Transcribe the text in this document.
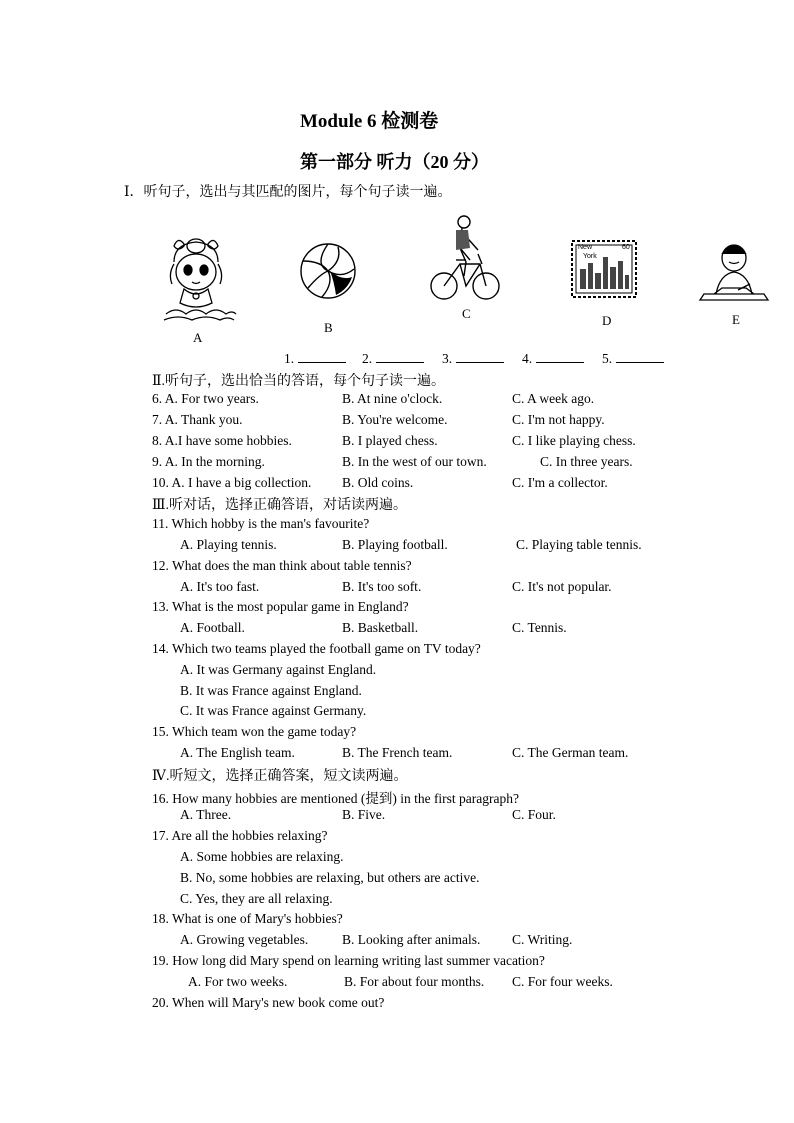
Module 6 检测卷
第一部分 听力（20 分）
Ⅰ．听句子，选出与其匹配的图片，每个句子读一遍。
A
B
C
New
York
60
D	E
1.	2.	3.	4.	5.
Ⅱ.听句子，选出恰当的答语，每个句子读一遍。
6. A. For two years.	B. At nine o'clock.	C. A week ago.
7. A. Thank you.	B. You're welcome.	C. I'm not happy.
8. A.I have some hobbies.	B. I played chess.	C. I like playing chess.
9. A. In the morning.	B. In the west of our town.	C. In three years.
10. A. I have a big collection. B. Old coins.	C. I'm a collector.
Ⅲ.听对话，选择正确答语，对话读两遍。
11. Which hobby is the man's favourite?
A. Playing tennis.	B. Playing football.	C. Playing table tennis.
12. What does the man think about table tennis?
A. It's too fast.	B. It's too soft.	C. It's not popular.
13. What is the most popular game in England?
A. Football.	B. Basketball.	C. Tennis.
14. Which two teams played the football game on TV today?
A. It was Germany against England.
B. It was France against England.
C. It was France against Germany.
15. Which team won the game today?
A. The English team.	B. The French team.	C. The German team.
Ⅳ.听短文，选择正确答案，短文读两遍。
16. How many hobbies are mentioned (提到) in the first paragraph?
A. Three.	B. Five.	C. Four.
17. Are all the hobbies relaxing?
A. Some hobbies are relaxing.
B. No, some hobbies are relaxing, but others are active.
C. Yes, they are all relaxing.
18. What is one of Mary's hobbies?
A. Growing vegetables.	B. Looking after animals. C. Writing.
19. How long did Mary spend on learning writing last summer vacation?
A. For two weeks.	B. For about four months. C. For four weeks.
20. When will Mary's new book come out?
